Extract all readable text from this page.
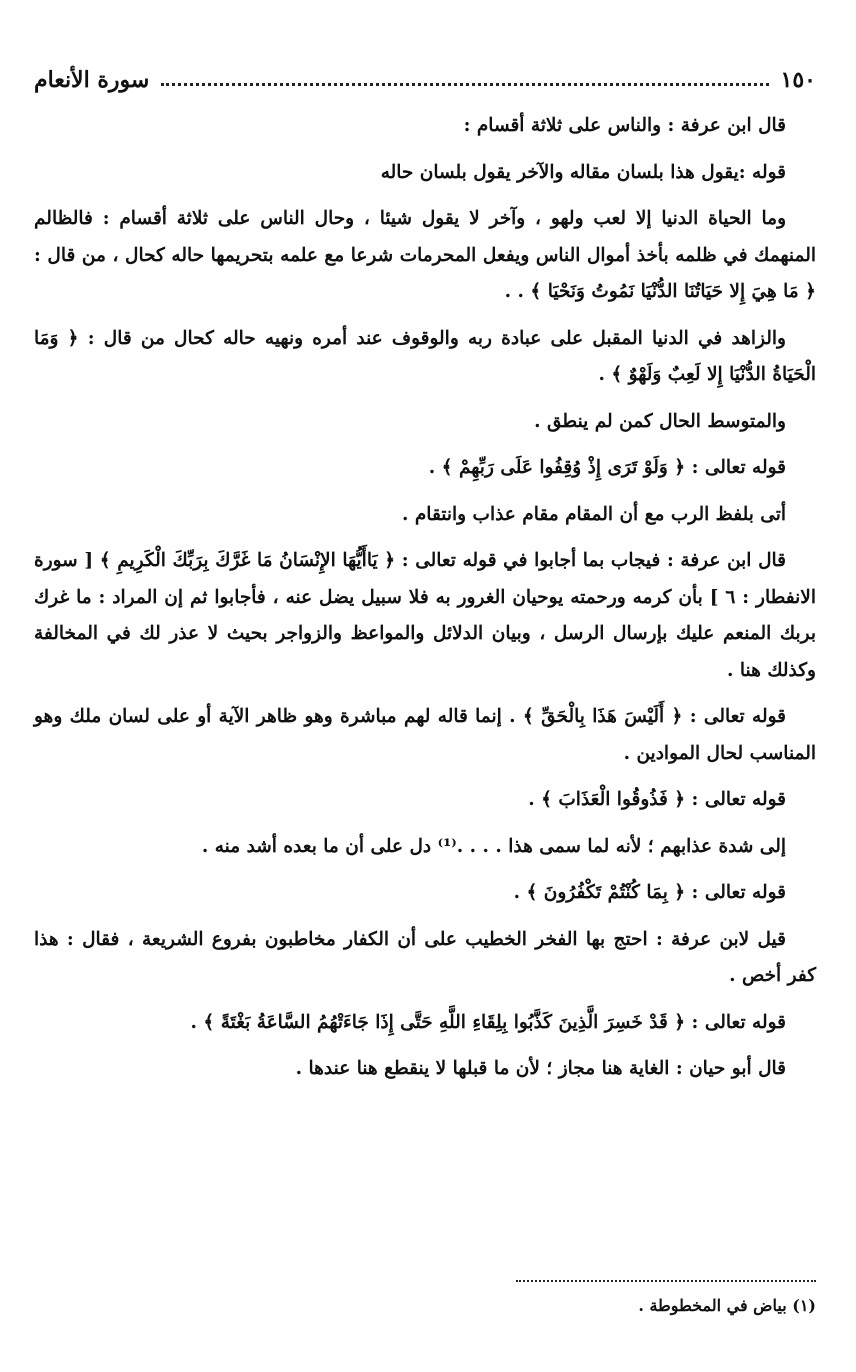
١٥٠
سورة الأنعام

قال ابن عرفة : والناس على ثلاثة أقسام :

قوله :يقول هذا بلسان مقاله والآخر يقول بلسان حاله

وما الحياة الدنيا إلا لعب ولهو ، وآخر لا يقول شيئا ، وحال الناس على ثلاثة أقسام : فالظالم المنهمك في ظلمه بأخذ أموال الناس ويفعل المحرمات شرعا مع علمه بتحريمها حاله كحال ، من قال : ﴿ مَا هِيَ إِلا حَيَاتُنَا الدُّنْيَا نَمُوتُ وَنَحْيَا ﴾ . .

والزاهد في الدنيا المقبل على عبادة ربه والوقوف عند أمره ونهيه حاله كحال من قال : ﴿ وَمَا الْحَيَاةُ الدُّنْيَا إِلا لَعِبٌ وَلَهْوٌ ﴾ .

والمتوسط الحال كمن لم ينطق .

قوله تعالى : ﴿ وَلَوْ تَرَى إِذْ وُقِفُوا عَلَى رَبِّهِمْ ﴾ .

أتى بلفظ الرب مع أن المقام مقام عذاب وانتقام .

قال ابن عرفة : فيجاب بما أجابوا في قوله تعالى : ﴿ يَاأَيُّهَا الإِنْسَانُ مَا غَرَّكَ بِرَبِّكَ الْكَرِيمِ ﴾ [ سورة الانفطار : ٦ ] بأن كرمه ورحمته يوحيان الغرور به فلا سبيل يضل عنه ، فأجابوا ثم إن المراد : ما غرك بربك المنعم عليك بإرسال الرسل ، وبيان الدلائل والمواعظ والزواجر بحيث لا عذر لك في المخالفة وكذلك هنا .

قوله تعالى : ﴿ أَلَيْسَ هَذَا بِالْحَقِّ ﴾ . إنما قاله لهم مباشرة وهو ظاهر الآية أو على لسان ملك وهو المناسب لحال الموادين .

قوله تعالى : ﴿ فَذُوقُوا الْعَذَابَ ﴾ .

إلى شدة عذابهم ؛ لأنه لما سمى هذا . . . .⁽¹⁾ دل على أن ما بعده أشد منه .

قوله تعالى : ﴿ بِمَا كُنْتُمْ تَكْفُرُونَ ﴾ .

قيل لابن عرفة : احتج بها الفخر الخطيب على أن الكفار مخاطبون بفروع الشريعة ، فقال : هذا كفر أخص .

قوله تعالى : ﴿ قَدْ خَسِرَ الَّذِينَ كَذَّبُوا بِلِقَاءِ اللَّهِ حَتَّى إِذَا جَاءَتْهُمُ السَّاعَةُ بَغْتَةً ﴾ .

قال أبو حيان : الغاية هنا مجاز ؛ لأن ما قبلها لا ينقطع هنا عندها .

(١) بياض في المخطوطة .
